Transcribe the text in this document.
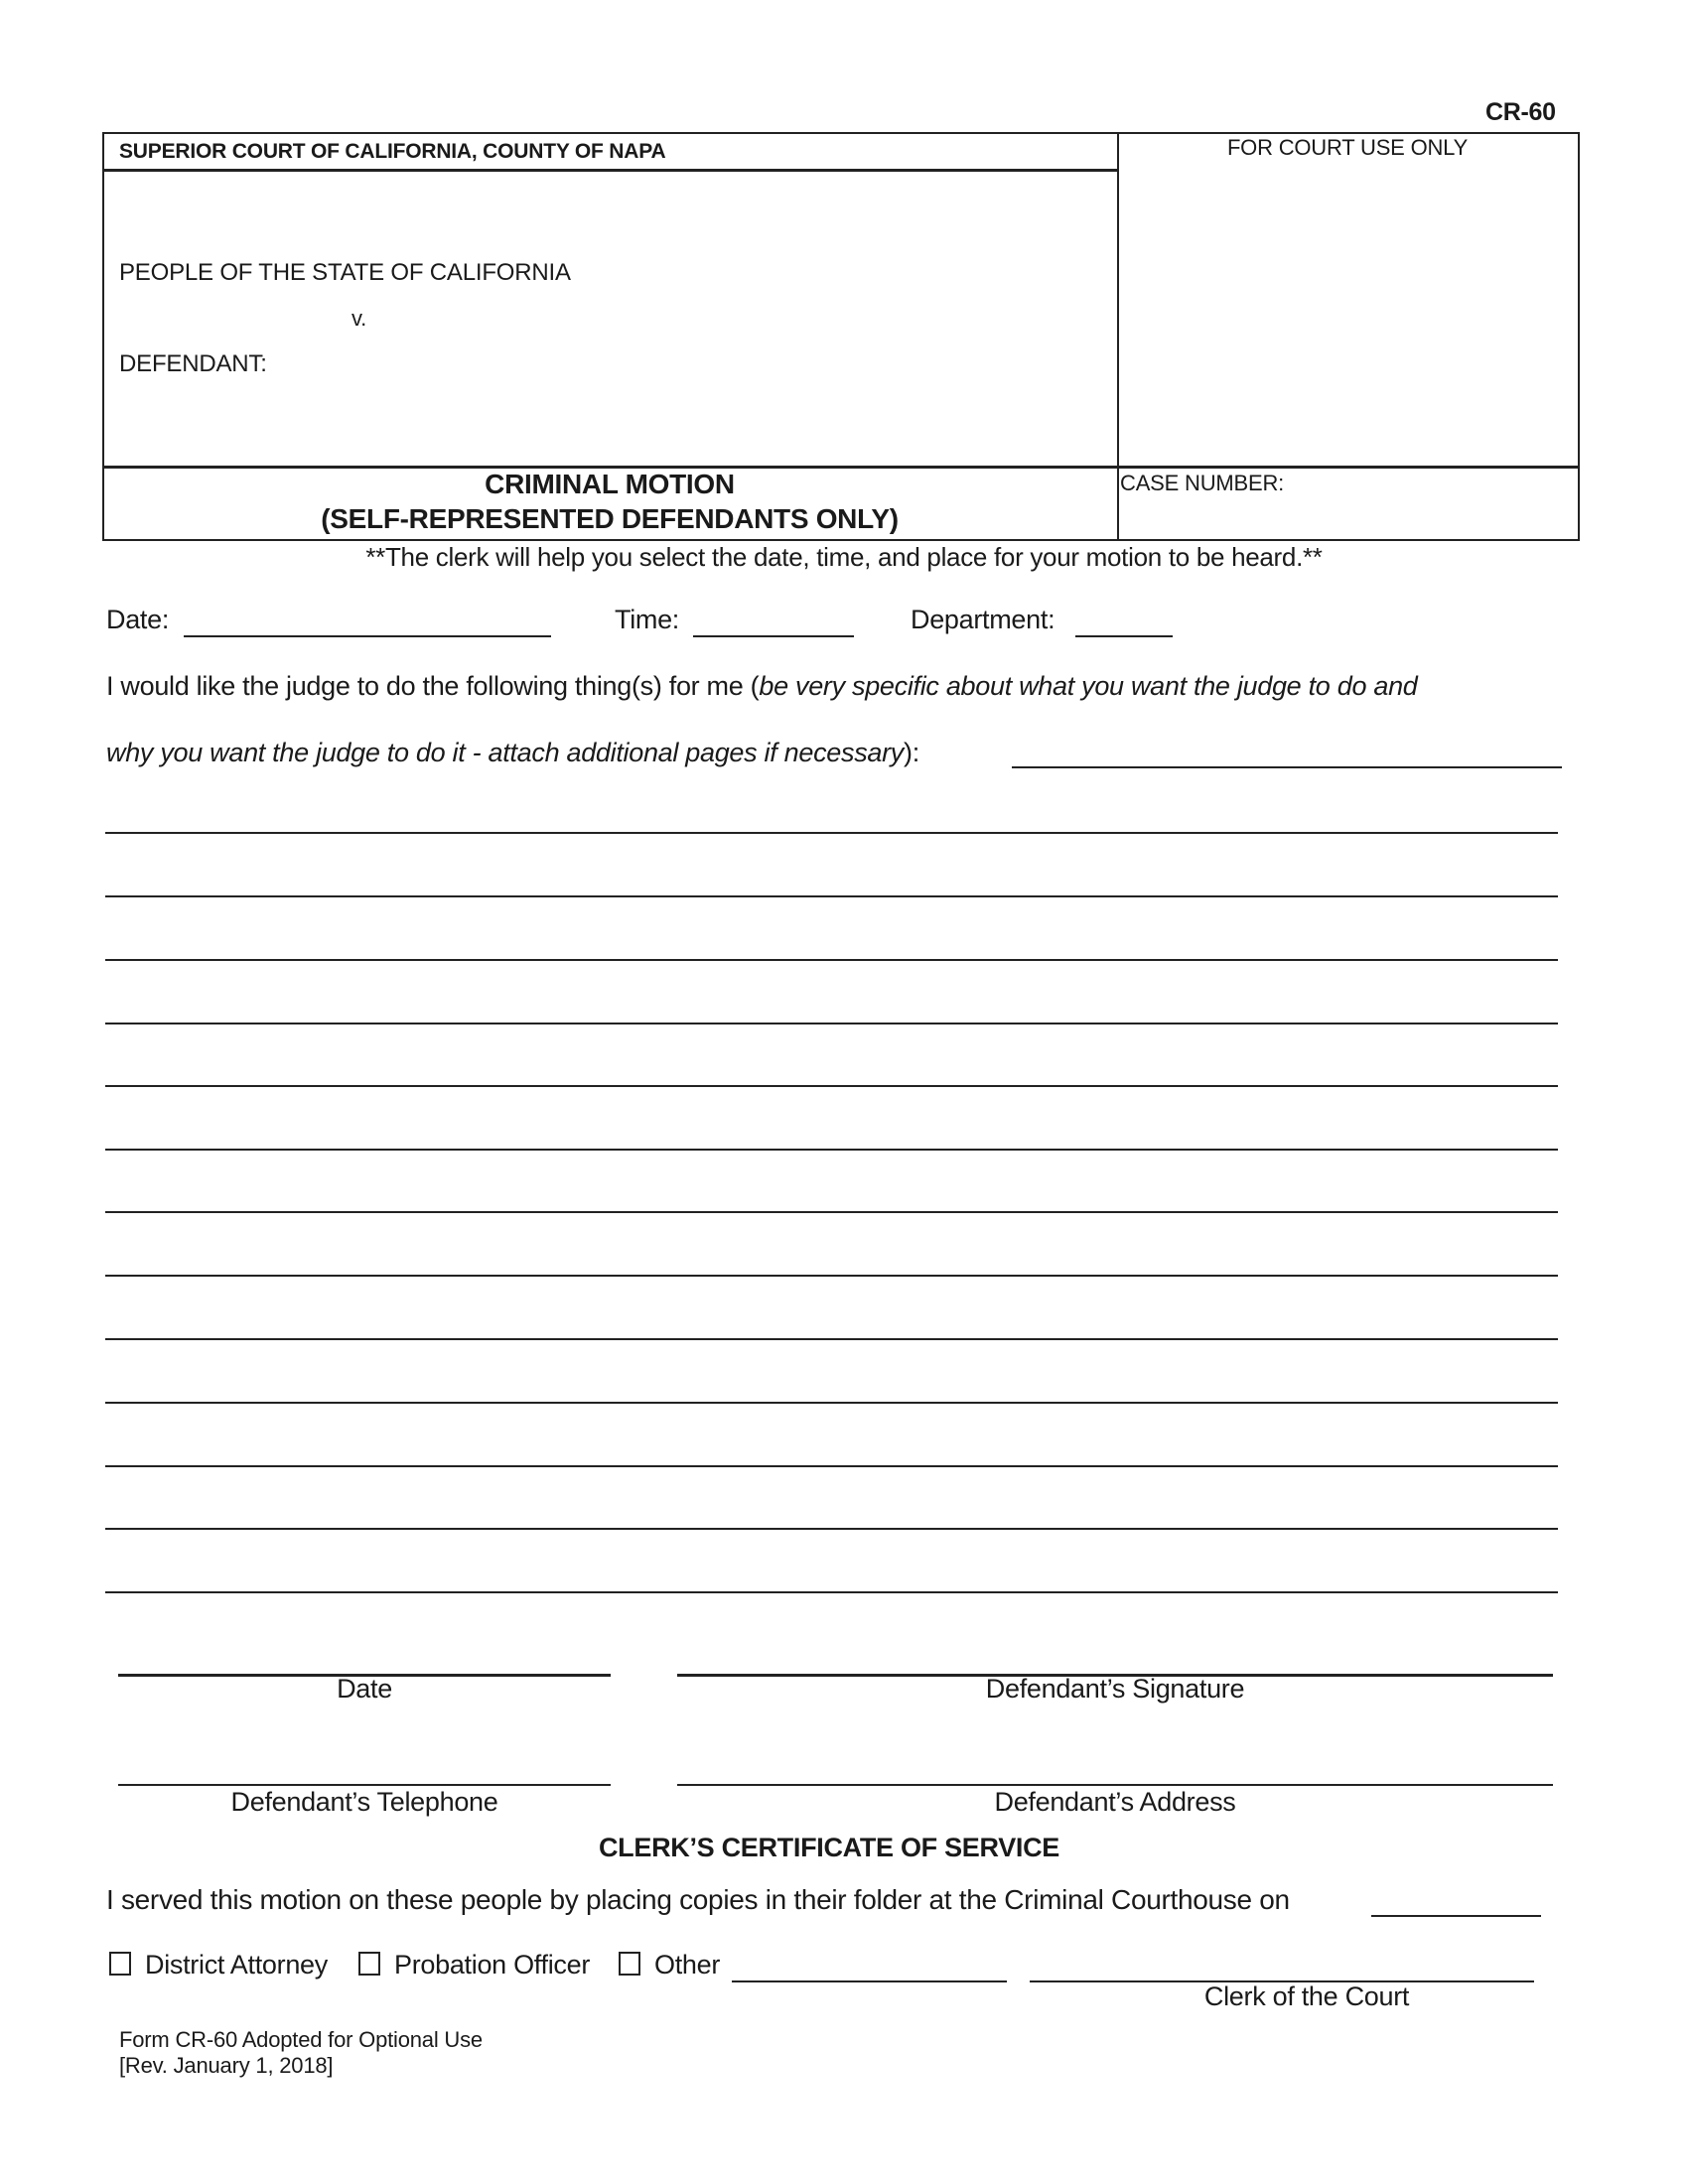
CR-60
SUPERIOR COURT OF CALIFORNIA, COUNTY OF NAPA	FOR COURT USE ONLY
PEOPLE OF THE STATE OF CALIFORNIA
v.
DEFENDANT:
CRIMINAL MOTION
(SELF-REPRESENTED DEFENDANTS ONLY)
CASE NUMBER:
**The clerk will help you select the date, time, and place for your motion to be heard.**
Date:	Time:	Department:
I would like the judge to do the following thing(s) for me (be very specific about what you want the judge to do and
why you want the judge to do it - attach additional pages if necessary):
Date	Defendant’s Signature
Defendant’s Telephone	Defendant’s Address
CLERK’S CERTIFICATE OF SERVICE
I served this motion on these people by placing copies in their folder at the Criminal Courthouse on
District Attorney Probation Officer Other
Clerk of the Court
Form CR-60 Adopted for Optional Use
[Rev. January 1, 2018]
